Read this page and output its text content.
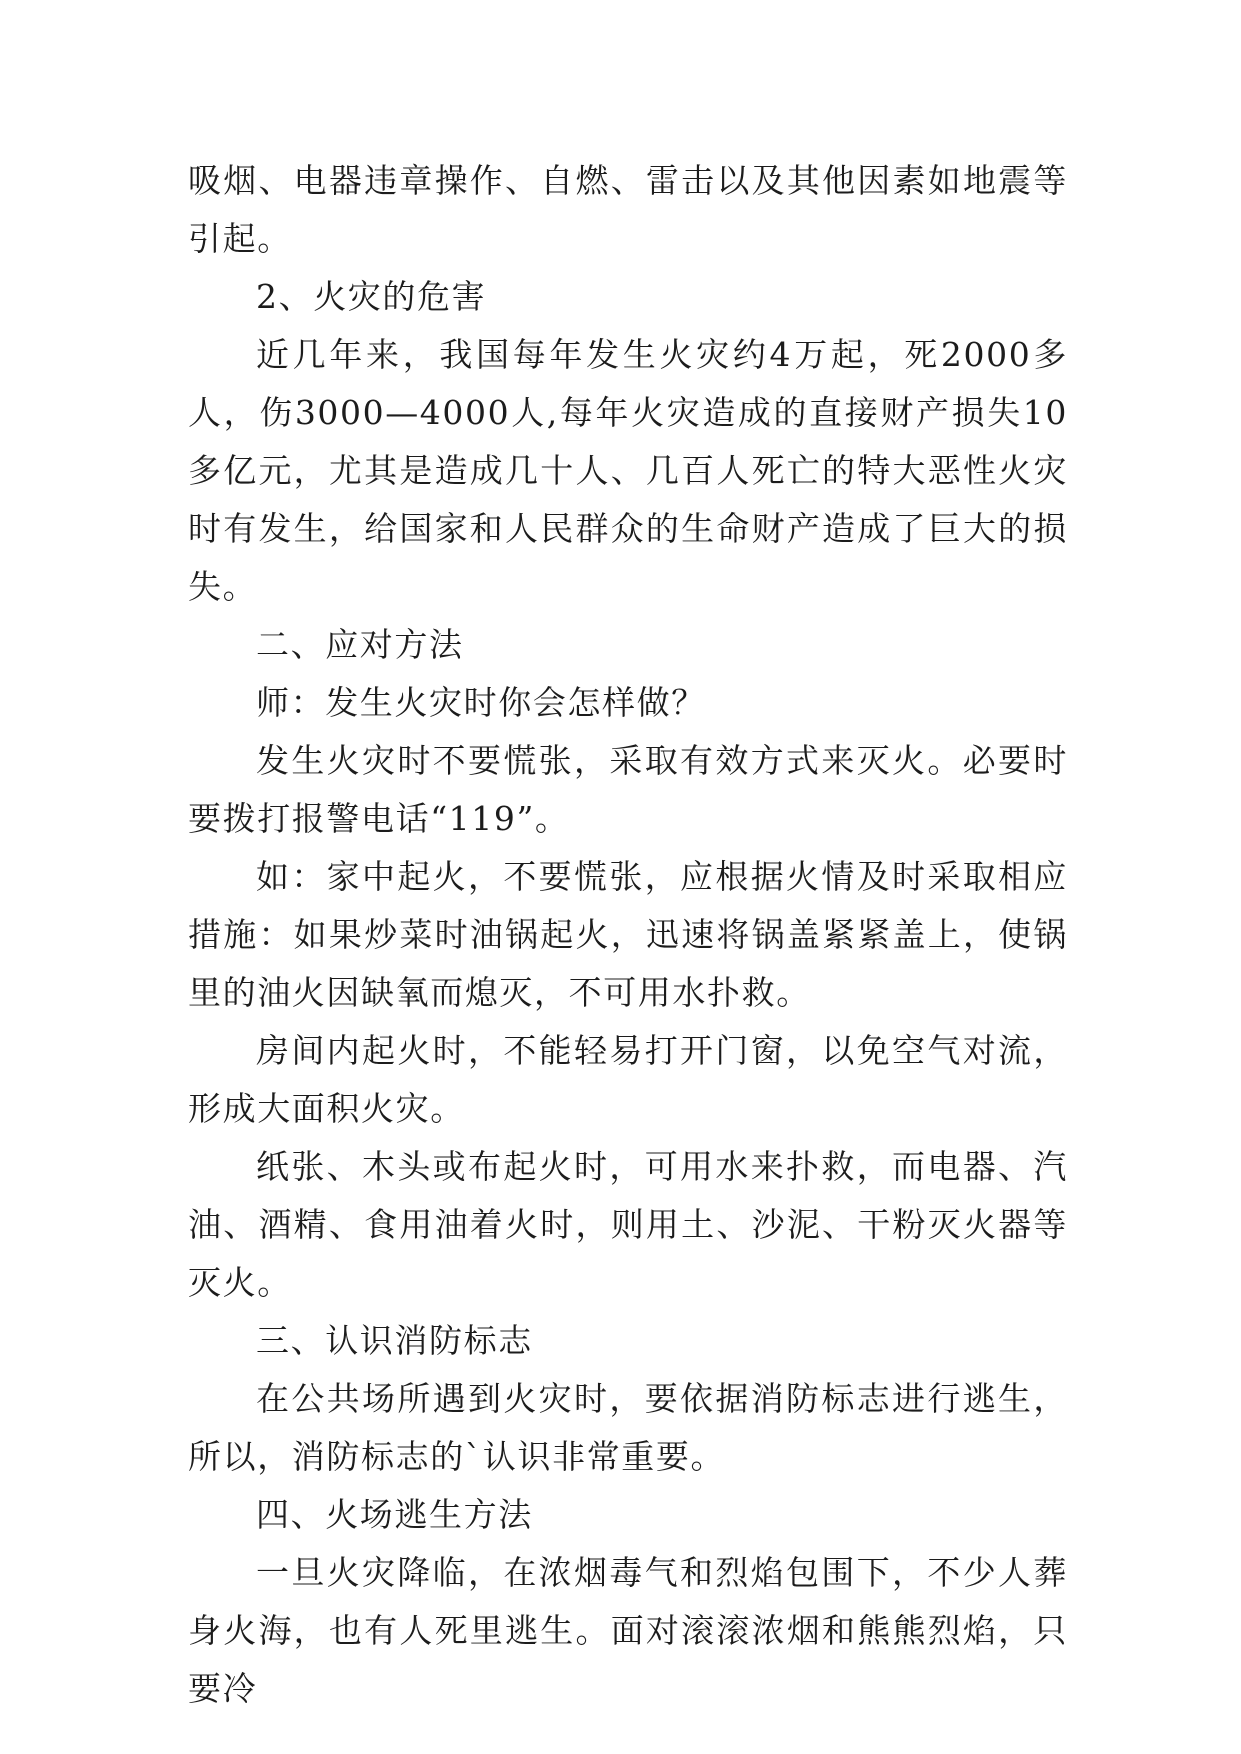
吸烟、电器违章操作、自燃、雷击以及其他因素如地震等引起。

2、火灾的危害

近几年来，我国每年发生火灾约4万起，死2000多人，伤3000—4000人,每年火灾造成的直接财产损失10多亿元，尤其是造成几十人、几百人死亡的特大恶性火灾时有发生，给国家和人民群众的生命财产造成了巨大的损失。

二、应对方法

师：发生火灾时你会怎样做？

发生火灾时不要慌张，采取有效方式来灭火。必要时要拨打报警电话“119”。

如：家中起火，不要慌张，应根据火情及时采取相应措施：如果炒菜时油锅起火，迅速将锅盖紧紧盖上，使锅里的油火因缺氧而熄灭，不可用水扑救。

房间内起火时，不能轻易打开门窗，以免空气对流，形成大面积火灾。

纸张、木头或布起火时，可用水来扑救，而电器、汽油、酒精、食用油着火时，则用土、沙泥、干粉灭火器等灭火。

三、认识消防标志

在公共场所遇到火灾时，要依据消防标志进行逃生，所以，消防标志的`认识非常重要。

四、火场逃生方法

一旦火灾降临，在浓烟毒气和烈焰包围下，不少人葬身火海，也有人死里逃生。面对滚滚浓烟和熊熊烈焰，只要冷
